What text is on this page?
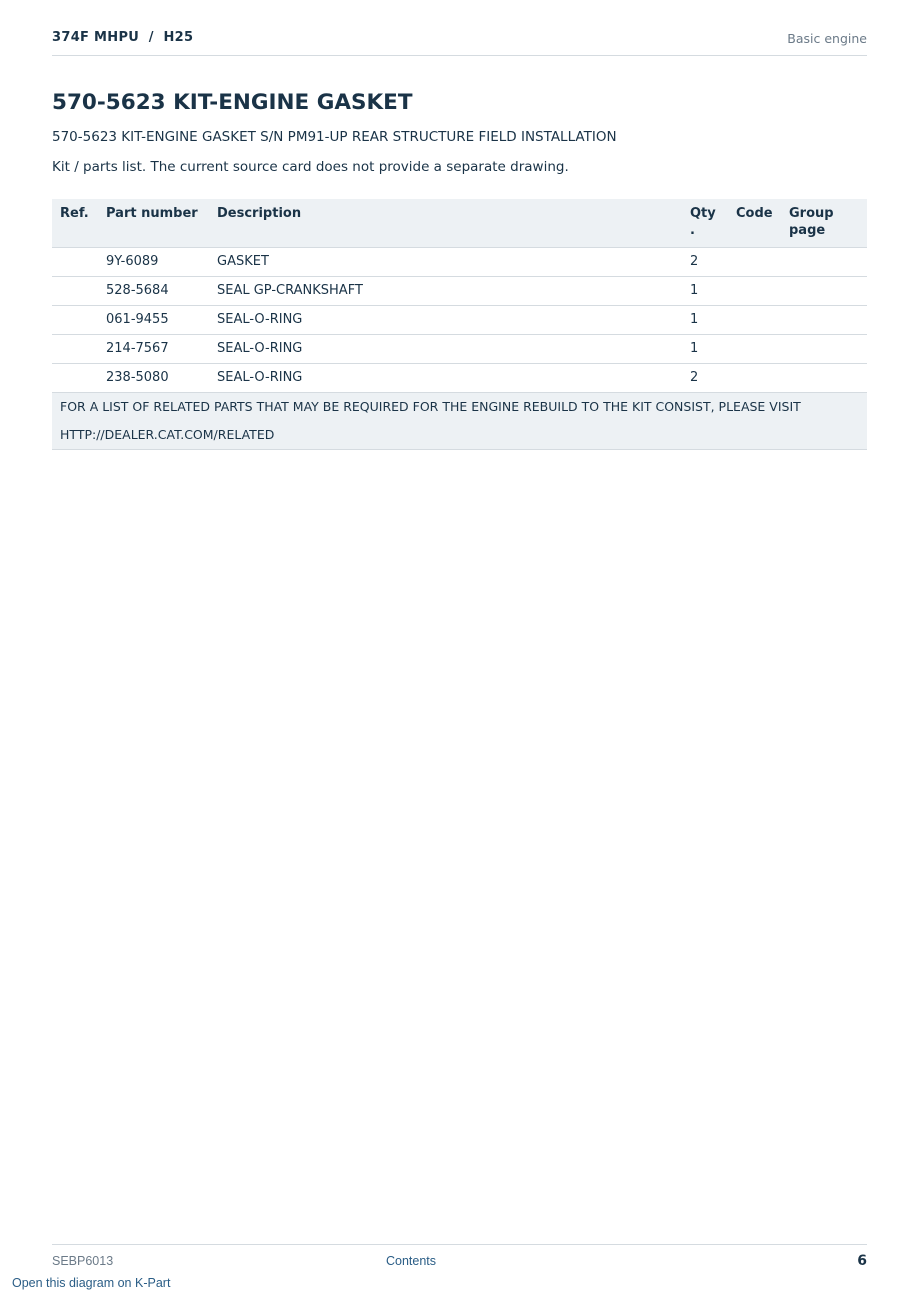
374F MHPU  /  H25	Basic engine
570-5623 KIT-ENGINE GASKET
570-5623 KIT-ENGINE GASKET S/N PM91-UP REAR STRUCTURE FIELD INSTALLATION
Kit / parts list. The current source card does not provide a separate drawing.
Ref.	Part number	Description	Qty .	Code	Group page
	9Y-6089	GASKET	2		
	528-5684	SEAL GP-CRANKSHAFT	1		
	061-9455	SEAL-O-RING	1		
	214-7567	SEAL-O-RING	1		
	238-5080	SEAL-O-RING	2		

FOR A LIST OF RELATED PARTS THAT MAY BE REQUIRED FOR THE ENGINE REBUILD TO THE KIT CONSIST, PLEASE VISIT
HTTP://DEALER.CAT.COM/RELATED					
SEBP6013	Contents	6
Open this diagram on K-Part
